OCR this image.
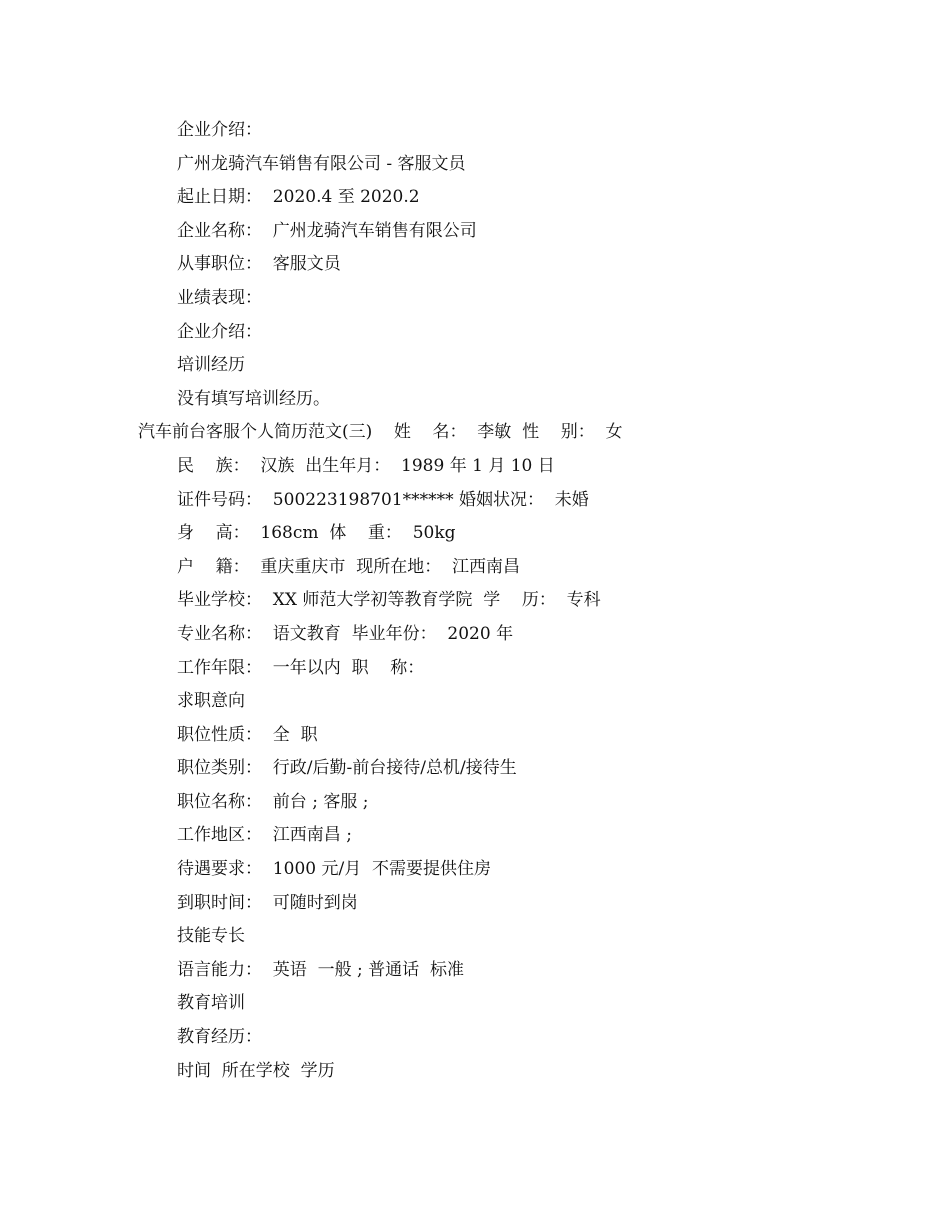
企业介绍：
广州龙骑汽车销售有限公司 - 客服文员
起止日期：  2020.4 至 2020.2
企业名称：  广州龙骑汽车销售有限公司
从事职位：  客服文员
业绩表现：
企业介绍：
培训经历
没有填写培训经历。
汽车前台客服个人简历范文(三)    姓    名：  李敏  性    别：  女
民    族：  汉族  出生年月：  1989 年 1 月 10 日
证件号码：  500223198701****** 婚姻状况：  未婚
身    高：  168cm  体    重：  50kg
户    籍：  重庆重庆市  现所在地：  江西南昌
毕业学校：  XX 师范大学初等教育学院  学    历：  专科
专业名称：  语文教育  毕业年份：  2020 年
工作年限：  一年以内  职    称：
求职意向
职位性质：  全  职
职位类别：  行政/后勤-前台接待/总机/接待生
职位名称：  前台 ; 客服 ;
工作地区：  江西南昌 ;
待遇要求：  1000 元/月  不需要提供住房
到职时间：  可随时到岗
技能专长
语言能力：  英语  一般 ; 普通话  标准
教育培训
教育经历：
时间  所在学校  学历
